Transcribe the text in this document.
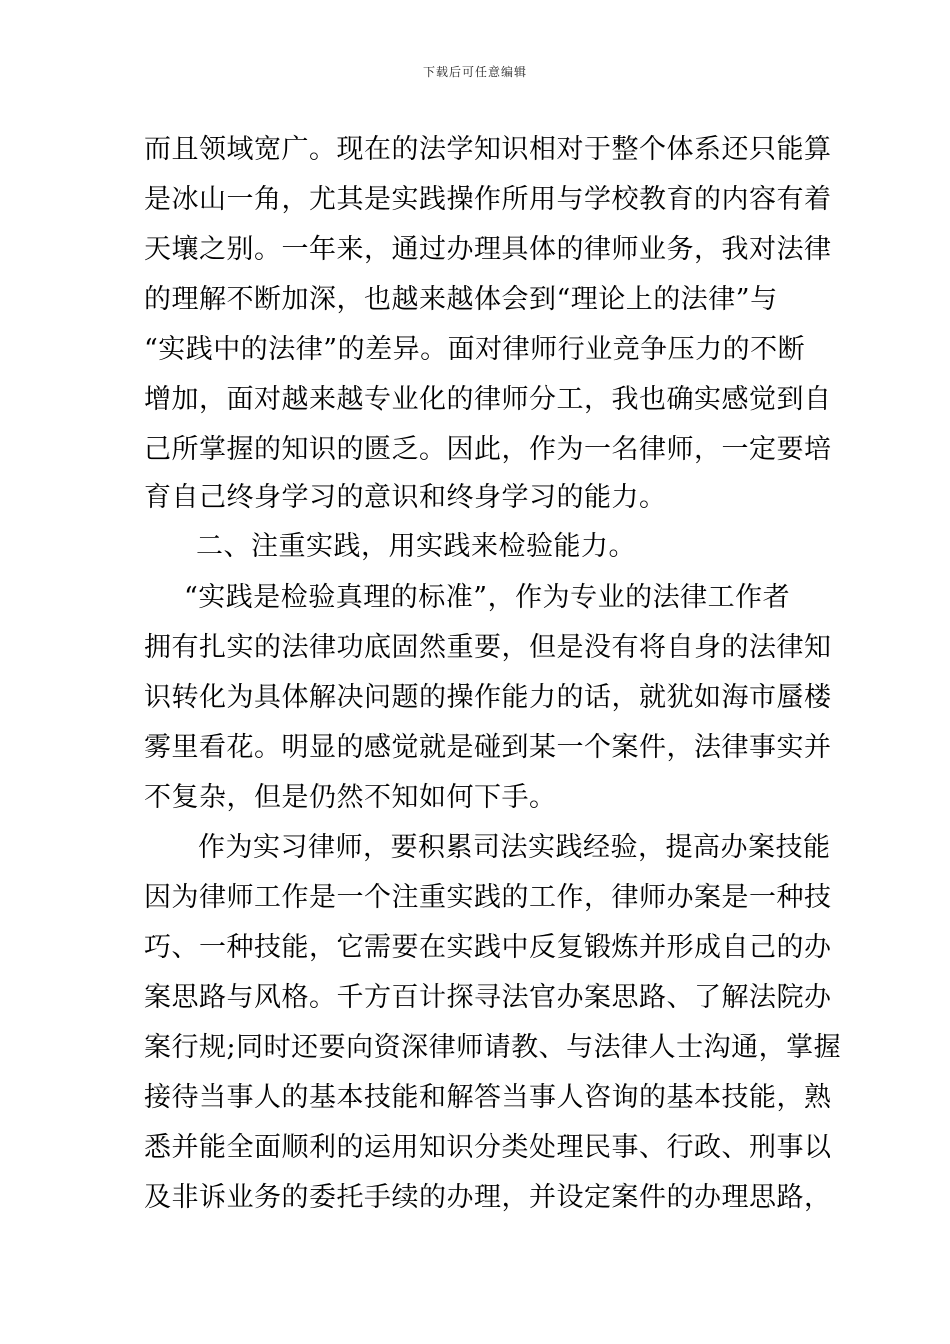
下载后可任意编辑
而且领域宽广。现在的法学知识相对于整个体系还只能算
是冰山一角，尤其是实践操作所用与学校教育的内容有着
天壤之别。一年来，通过办理具体的律师业务，我对法律
的理解不断加深，也越来越体会到“理论上的法律”与
“实践中的法律”的差异。面对律师行业竞争压力的不断
增加，面对越来越专业化的律师分工，我也确实感觉到自
己所掌握的知识的匮乏。因此，作为一名律师，一定要培
育自己终身学习的意识和终身学习的能力。
二、注重实践，用实践来检验能力。
“实践是检验真理的标准”，作为专业的法律工作者
拥有扎实的法律功底固然重要，但是没有将自身的法律知
识转化为具体解决问题的操作能力的话，就犹如海市蜃楼
雾里看花。明显的感觉就是碰到某一个案件，法律事实并
不复杂，但是仍然不知如何下手。
作为实习律师，要积累司法实践经验，提高办案技能
因为律师工作是一个注重实践的工作，律师办案是一种技
巧、一种技能，它需要在实践中反复锻炼并形成自己的办
案思路与风格。千方百计探寻法官办案思路、了解法院办
案行规;同时还要向资深律师请教、与法律人士沟通，掌握
接待当事人的基本技能和解答当事人咨询的基本技能，熟
悉并能全面顺利的运用知识分类处理民事、行政、刑事以
及非诉业务的委托手续的办理，并设定案件的办理思路，
